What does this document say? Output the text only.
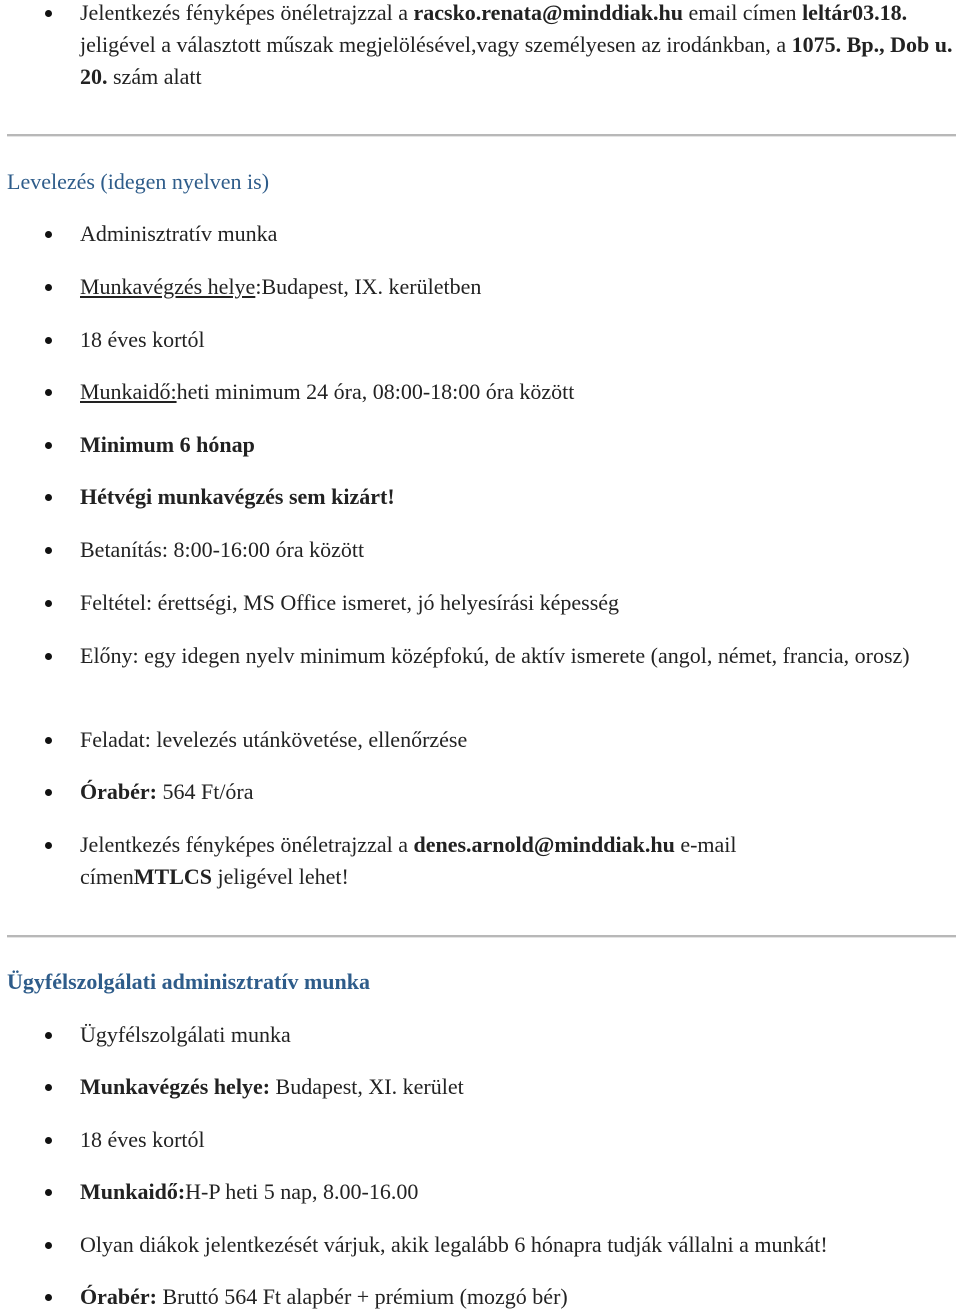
Jelentkezés fényképes önéletrajzzal a racsko.renata@minddiak.hu email címen leltár03.18. jeligével a választott műszak megjelölésével,vagy személyesen az irodánkban, a 1075. Bp., Dob u. 20. szám alatt
Levelezés (idegen nyelven is)
Adminisztratív munka
Munkavégzés helye:Budapest, IX. kerületben
18 éves kortól
Munkaidő:heti minimum 24 óra, 08:00-18:00 óra között
Minimum 6 hónap
Hétvégi munkavégzés sem kizárt!
Betanítás: 8:00-16:00 óra között
Feltétel: érettségi, MS Office ismeret, jó helyesírási képesség
Előny: egy idegen nyelv minimum középfokú, de aktív ismerete (angol, német, francia, orosz)
Feladat: levelezés utánkövetése, ellenőrzése
Órabér: 564 Ft/óra
Jelentkezés fényképes önéletrajzzal a denes.arnold@minddiak.hu e-mail címenMTLCS jeligével lehet!
Ügyfélszolgálati adminisztratív munka
Ügyfélszolgálati munka
Munkavégzés helye: Budapest, XI. kerület
18 éves kortól
Munkaidő:H-P heti 5 nap, 8.00-16.00
Olyan diákok jelentkezését várjuk, akik legalább 6 hónapra tudják vállalni a munkát!
Órabér: Bruttó 564 Ft alapbér + prémium (mozgó bér)
